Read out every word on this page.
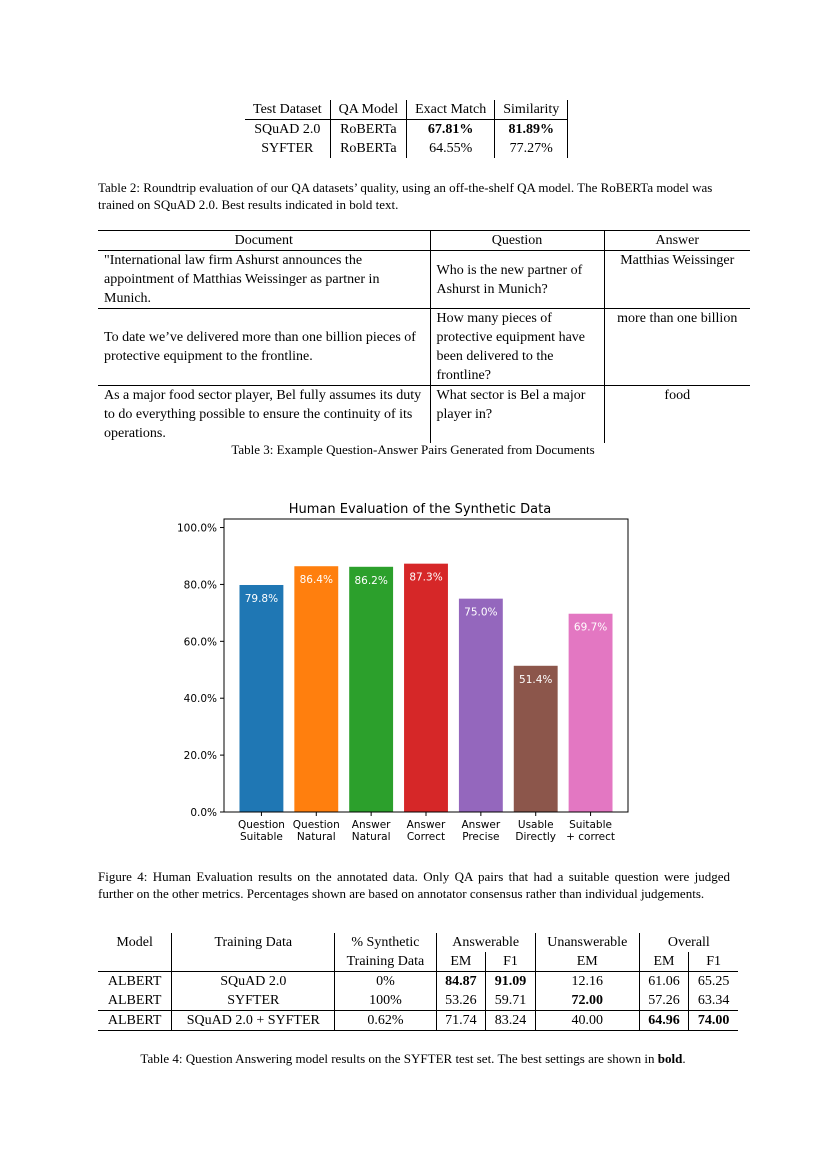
Test Dataset	QA Model	Exact Match	Similarity
SQuAD 2.0	RoBERTa	67.81%	81.89%
SYFTER	RoBERTa	64.55%	77.27%
Table 2: Roundtrip evaluation of our QA datasets’ quality, using an off-the-shelf QA model. The RoBERTa model was trained on SQuAD 2.0. Best results indicated in bold text.
Document	Question	Answer
"International law firm Ashurst announces the appointment of Matthias Weissinger as partner in Munich.	Who is the new partner of Ashurst in Munich?	Matthias Weissinger
To date we’ve delivered more than one billion pieces of protective equipment to the frontline.	How many pieces of protective equipment have been delivered to the frontline?	more than one billion
As a major food sector player, Bel fully assumes its duty to do everything possible to ensure the continuity of its operations.	What sector is Bel a major player in?	food
Table 3: Example Question-Answer Pairs Generated from Documents
Human Evaluation of the Synthetic Data
79.8%
86.4% 86.2% 87.3%
75.0%
51.4%
69.7%
0.0%
20.0%
40.0%
60.0%
80.0%
100.0%
Question
Suitable
Question
Natural
Answer
Natural
Answer
Correct
Answer
Precise
Usable
Directly
Suitable
+ correct
Figure 4: Human Evaluation results on the annotated data. Only QA pairs that had a suitable question were judged further on the other metrics. Percentages shown are based on annotator consensus rather than individual judgements.
Model	Training Data	% Synthetic	Answerable		Unanswerable	Overall	
		Training Data	EM	F1	EM	EM	F1
ALBERT	SQuAD 2.0	0%	84.87	91.09	12.16	61.06	65.25
ALBERT	SYFTER	100%	53.26	59.71	72.00	57.26	63.34
ALBERT	SQuAD 2.0 + SYFTER	0.62%	71.74	83.24	40.00	64.96	74.00
Table 4: Question Answering model results on the SYFTER test set. The best settings are shown in bold.
